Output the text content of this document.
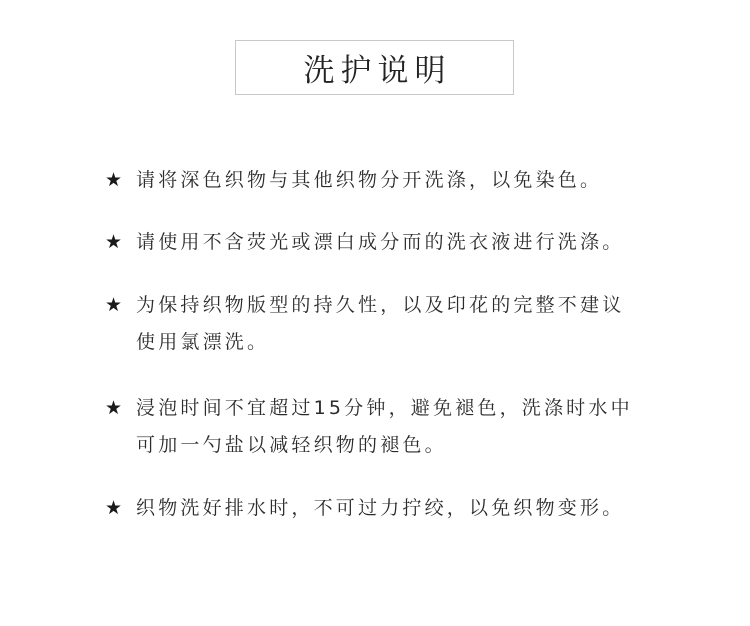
洗护说明
★ 请将深色织物与其他织物分开洗涤，以免染色。
★ 请使用不含荧光或漂白成分而的洗衣液进行洗涤。
★ 为保持织物版型的持久性，以及印花的完整不建议
使用氯漂洗。
★ 浸泡时间不宜超过15分钟，避免褪色，洗涤时水中
可加一勺盐以减轻织物的褪色。
★ 织物洗好排水时，不可过力拧绞，以免织物变形。
